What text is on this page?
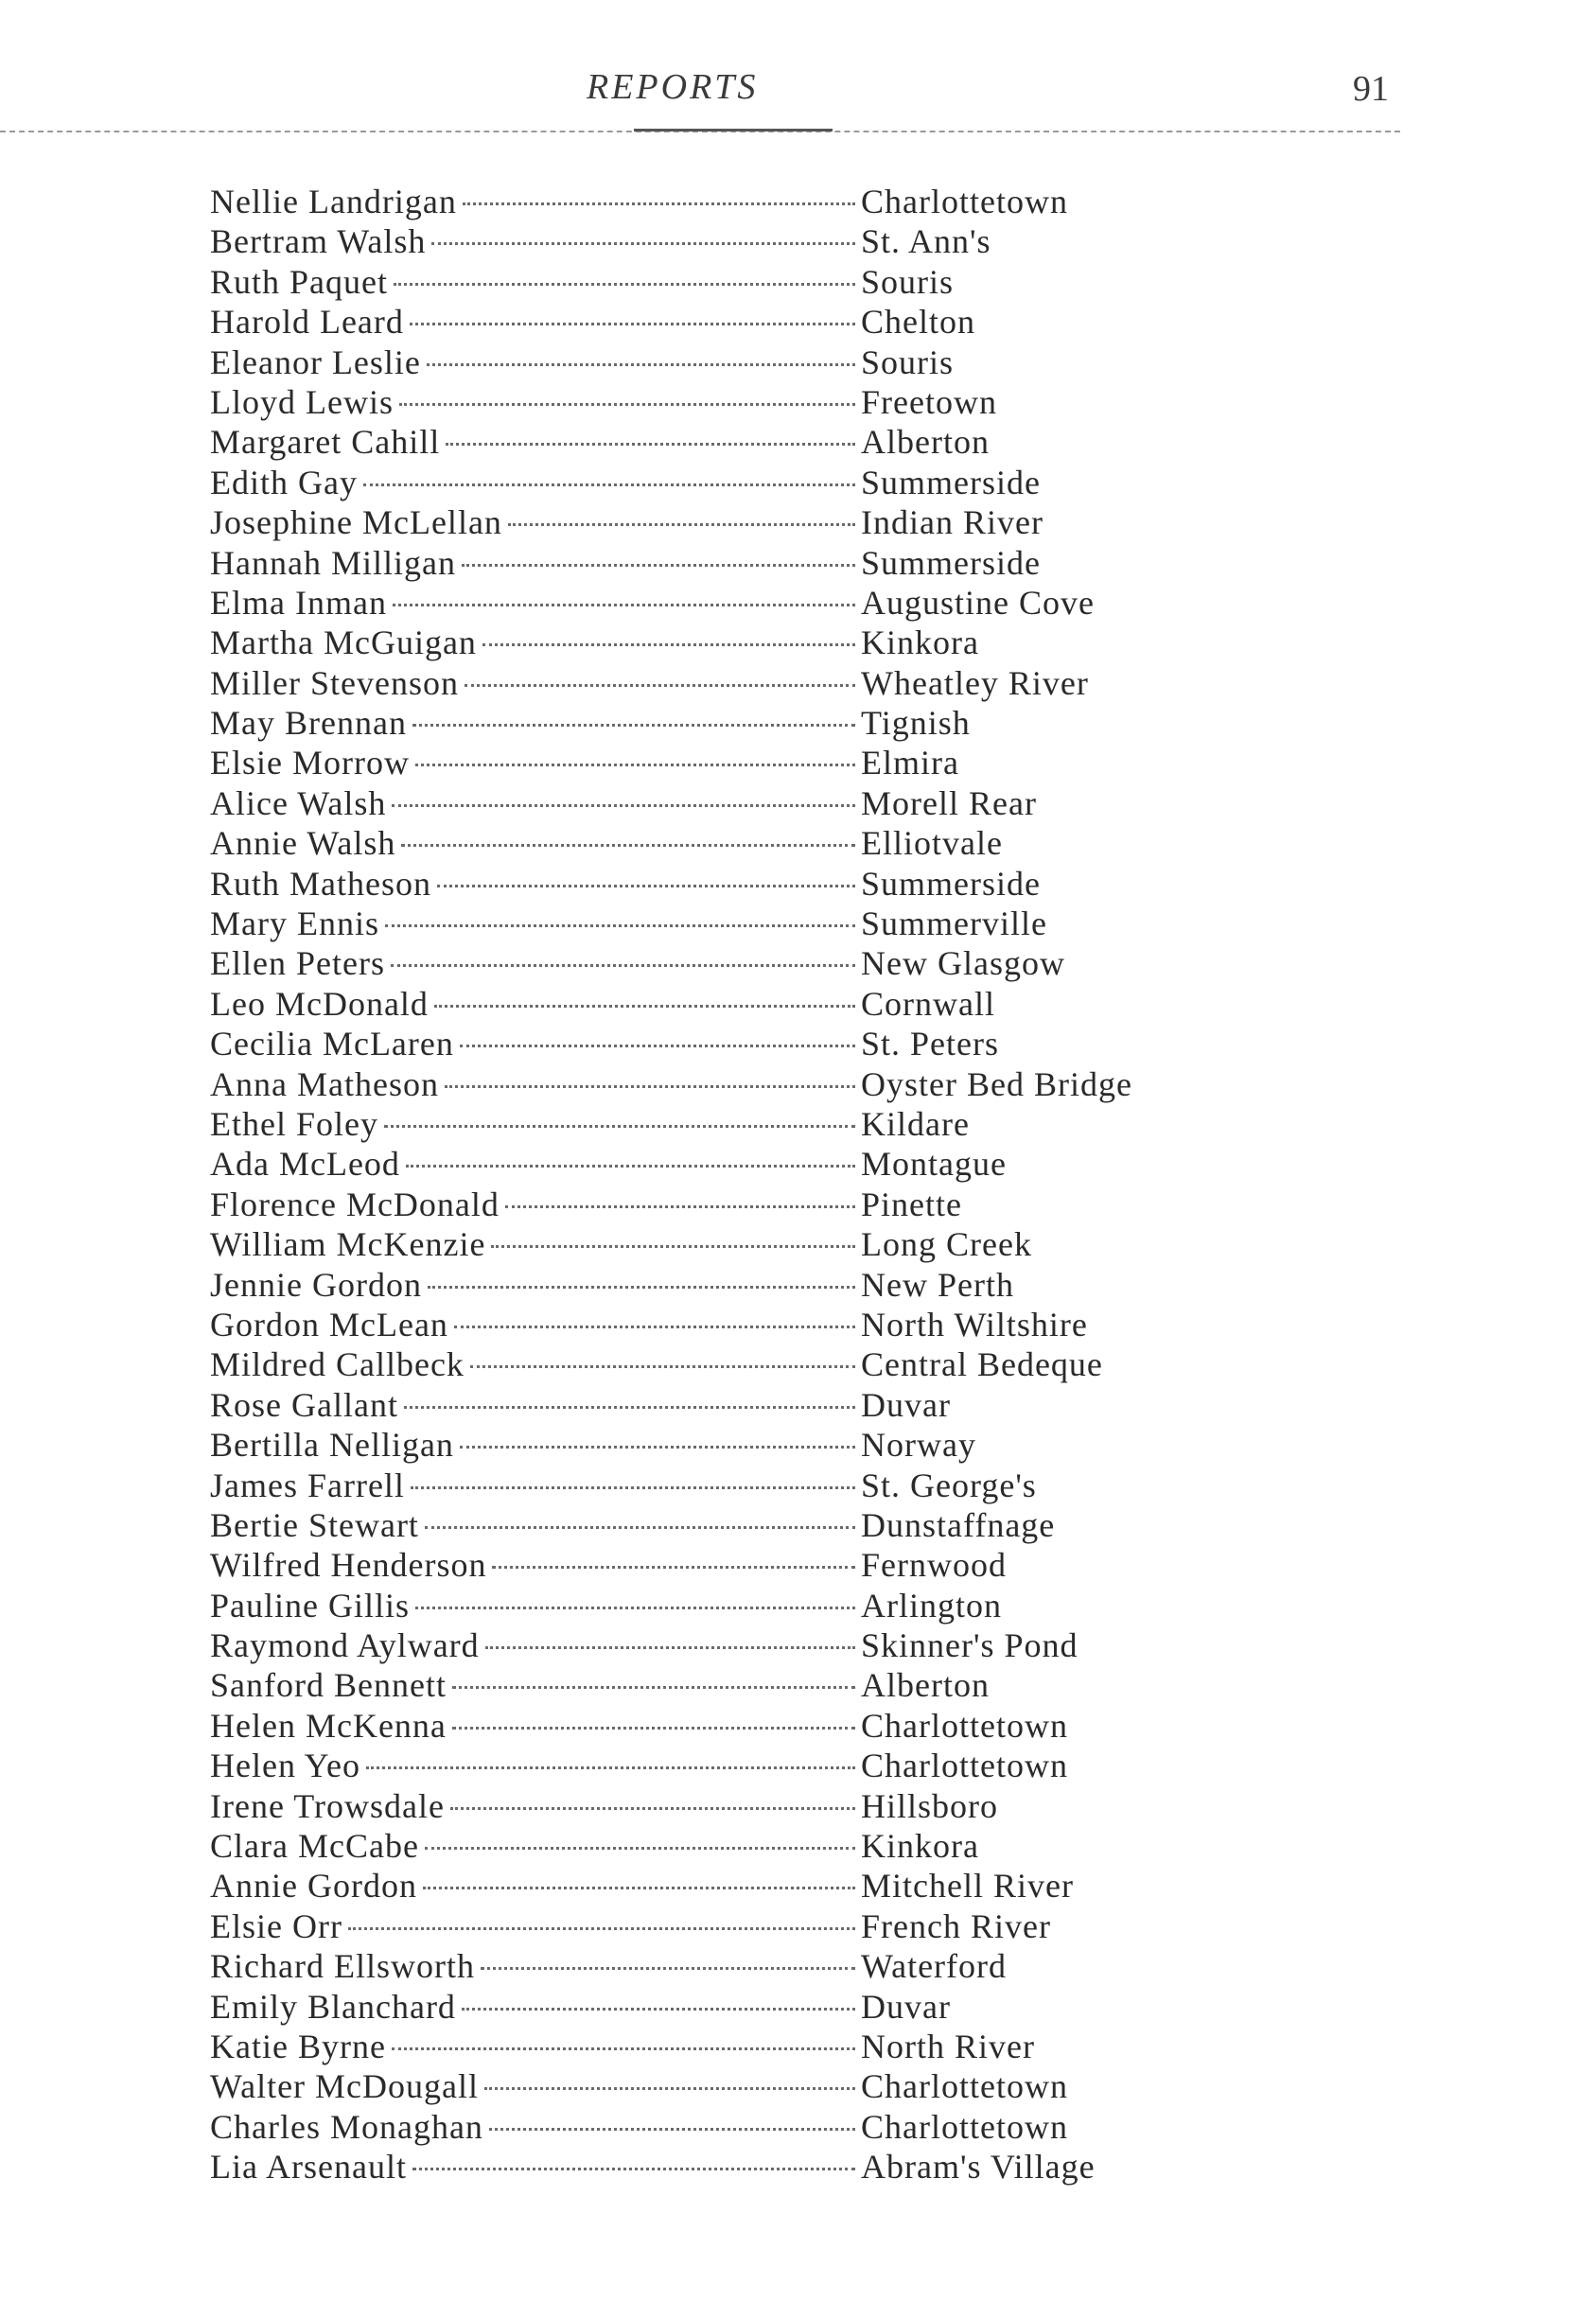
REPORTS	91
Nellie Landrigan	Charlottetown
Bertram Walsh	St. Ann's
Ruth Paquet	Souris
Harold Leard	Chelton
Eleanor Leslie	Souris
Lloyd Lewis	Freetown
Margaret Cahill	Alberton
Edith Gay	Summerside
Josephine McLellan	Indian River
Hannah Milligan	Summerside
Elma Inman	Augustine Cove
Martha McGuigan	Kinkora
Miller Stevenson	Wheatley River
May Brennan	Tignish
Elsie Morrow	Elmira
Alice Walsh	Morell Rear
Annie Walsh	Elliotvale
Ruth Matheson	Summerside
Mary Ennis	Summerville
Ellen Peters	New Glasgow
Leo McDonald	Cornwall
Cecilia McLaren	St. Peters
Anna Matheson	Oyster Bed Bridge
Ethel Foley	Kildare
Ada McLeod	Montague
Florence McDonald	Pinette
William McKenzie	Long Creek
Jennie Gordon	New Perth
Gordon McLean	North Wiltshire
Mildred Callbeck	Central Bedeque
Rose Gallant	Duvar
Bertilla Nelligan	Norway
James Farrell	St. George's
Bertie Stewart	Dunstaffnage
Wilfred Henderson	Fernwood
Pauline Gillis	Arlington
Raymond Aylward	Skinner's Pond
Sanford Bennett	Alberton
Helen McKenna	Charlottetown
Helen Yeo	Charlottetown
Irene Trowsdale	Hillsboro
Clara McCabe	Kinkora
Annie Gordon	Mitchell River
Elsie Orr	French River
Richard Ellsworth	Waterford
Emily Blanchard	Duvar
Katie Byrne	North River
Walter McDougall	Charlottetown
Charles Monaghan	Charlottetown
Lia Arsenault	Abram's Village
